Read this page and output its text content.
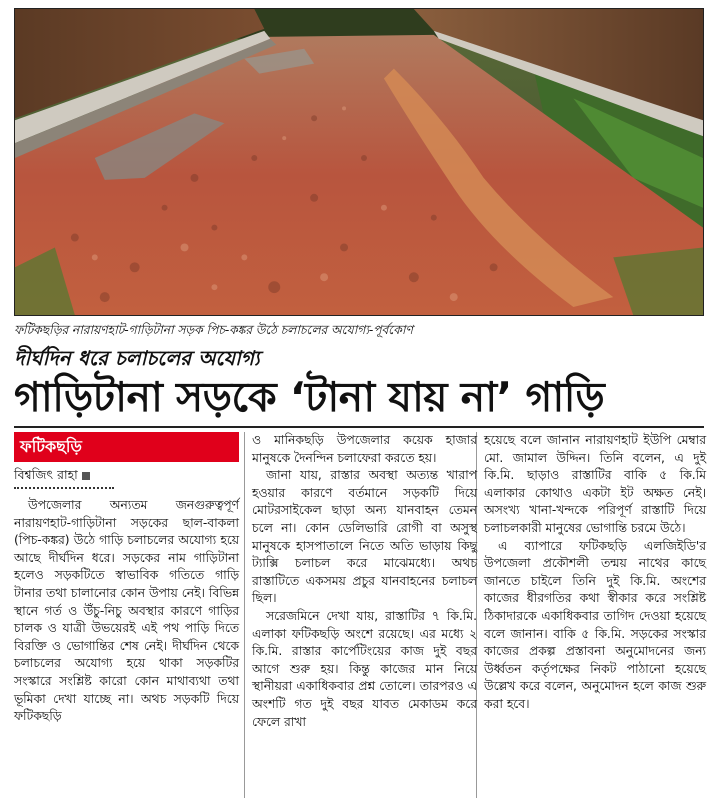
ফটিকছড়ির নারায়ণহাট-গাড়িটানা সড়ক পিচ-কঙ্কর উঠে চলাচলের অযোগ্য-পূর্বকোণ
দীর্ঘদিন ধরে চলাচলের অযোগ্য
গাড়িটানা সড়কে ‘টানা যায় না’ গাড়ি
ফটিকছড়ি
বিশ্বজিৎ রাহা

উপজেলার অন্যতম জনগুরুত্বপূর্ণ নারায়ণহাট-গাড়িটানা সড়কের ছাল-বাকলা (পিচ-কঙ্কর) উঠে গাড়ি চলাচলের অযোগ্য হয়ে আছে দীর্ঘদিন ধরে। সড়কের নাম গাড়িটানা হলেও সড়কটিতে স্বাভাবিক গতিতে গাড়ি টানার তথা চালানোর কোন উপায় নেই। বিভিন্ন স্থানে গর্ত ও উঁচু-নিচু অবস্থার কারণে গাড়ির চালক ও যাত্রী উভয়েরই এই পথ পাড়ি দিতে বিরক্তি ও ভোগান্তির শেষ নেই। দীর্ঘদিন থেকে চলাচলের অযোগ্য হয়ে থাকা সড়কটির সংস্কারে সংশ্লিষ্ট কারো কোন মাথাব্যথা তথা ভূমিকা দেখা যাচ্ছে না। অথচ সড়কটি দিয়ে ফটিকছড়ি

ও মানিকছড়ি উপজেলার কয়েক হাজার মানুষকে দৈনন্দিন চলাফেরা করতে হয়।

জানা যায়, রাস্তার অবস্থা অত্যন্ত খারাপ হওয়ার কারণে বর্তমানে সড়কটি দিয়ে মোটরসাইকেল ছাড়া অন্য যানবাহন তেমন চলে না। কোন ডেলিভারি রোগী বা অসুস্থ মানুষকে হাসপাতালে নিতে অতি ভাড়ায় কিছু ট্যাক্সি চলাচল করে মাঝেমধ্যে। অথচ রাস্তাটিতে একসময় প্রচুর যানবাহনের চলাচল ছিল।

সরেজমিনে দেখা যায়, রাস্তাটির ৭ কি.মি. এলাকা ফটিকছড়ি অংশে রয়েছে। এর মধ্যে ২ কি.মি. রাস্তার কার্পেটিংয়ের কাজ দুই বছর আগে শুরু হয়। কিন্তু কাজের মান নিয়ে স্থানীয়রা একাধিকবার প্রশ্ন তোলে। তারপরও এ অংশটি গত দুই বছর যাবত মেকাডম করে ফেলে রাখা

হয়েছে বলে জানান নারায়ণহাট ইউপি মেম্বার মো. জামাল উদ্দিন। তিনি বলেন, এ দুই কি.মি. ছাড়াও রাস্তাটির বাকি ৫ কি.মি এলাকার কোথাও একটা ইট অক্ষত নেই। অসংখ্য খানা-খন্দকে পরিপূর্ণ রাস্তাটি দিয়ে চলাচলকারী মানুষের ভোগান্তি চরমে উঠে।

এ ব্যাপারে ফটিকছড়ি এলজিইডি'র উপজেলা প্রকৌশলী তন্ময় নাথের কাছে জানতে চাইলে তিনি দুই কি.মি. অংশের কাজের ধীরগতির কথা স্বীকার করে সংশ্লিষ্ট ঠিকাদারকে একাধিকবার তাগিদ দেওয়া হয়েছে বলে জানান। বাকি ৫ কি.মি. সড়কের সংস্কার কাজের প্রকল্প প্রস্তাবনা অনুমোদনের জন্য উর্ধ্বতন কর্তৃপক্ষের নিকট পাঠানো হয়েছে উল্লেখ করে বলেন, অনুমোদন হলে কাজ শুরু করা হবে।
